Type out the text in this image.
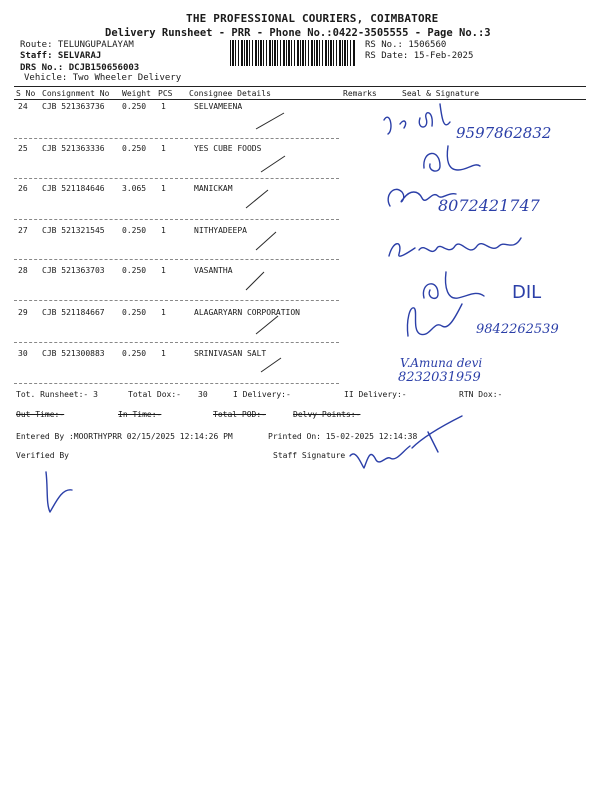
THE PROFESSIONAL COURIERS, COIMBATORE
Delivery Runsheet - PRR - Phone No.:0422-3505555 - Page No.:3
Route: TELUNGUPALAYAM
Staff: SELVARAJ
DRS No.: DCJB150656003
Vehicle: Two Wheeler Delivery
RS No.: 1506560
RS Date: 15-Feb-2025
S No Consignment No Weight PCS Consignee Details	Remarks	Seal & Signature
24 CJB 521363736 0.250 1	SELVAMEENA
25 CJB 521363336 0.250 1	YES CUBE FOODS
26 CJB 521184646 3.065 1	MANICKAM
27 CJB 521321545 0.250 1	NITHYADEEPA
28 CJB 521363703 0.250 1	VASANTHA
29 CJB 521184667 0.250 1	ALAGARYARN CORPORATION
30 CJB 521300883 0.250 1	SRINIVASAN SALT
9597862832
8072421747
DIL
9842262539
V.Amuna devi
8232031959
Tot. Runsheet:- 3	Total Dox:- 30	I Delivery:-	II Delivery:-	RTN Dox:-
Out Time:-	In Time:-	Total POD:-	Delvy Points:-
Entered By :MOORTHYPRR 02/15/2025 12:14:26 PM	Printed On: 15-02-2025 12:14:38
Verified By	Staff Signature
